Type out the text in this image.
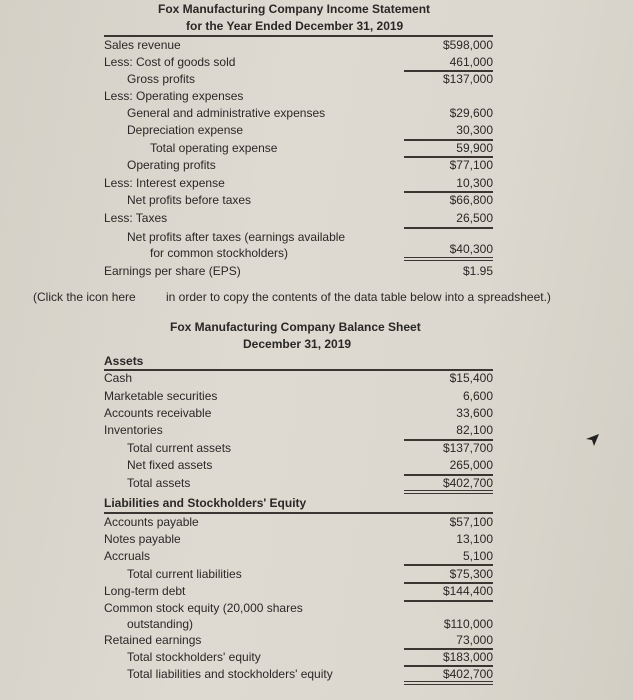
Fox Manufacturing Company Income Statement
for the Year Ended December 31, 2019
Sales revenue	$598,000
Less: Cost of goods sold	461,000
Gross profits	$137,000
Less: Operating expenses
General and administrative expenses	$29,600
Depreciation expense	30,300
Total operating expense	59,900
Operating profits	$77,100
Less: Interest expense	10,300
Net profits before taxes	$66,800
Less: Taxes	26,500
Net profits after taxes (earnings available
for common stockholders)	$40,300
Earnings per share (EPS)	$1.95
(Click the icon here	in order to copy the contents of the data table below into a spreadsheet.)
Fox Manufacturing Company Balance Sheet
December 31, 2019
Assets
Cash	$15,400
Marketable securities	6,600
Accounts receivable	33,600
Inventories	82,100
Total current assets	$137,700
Net fixed assets	265,000
Total assets	$402,700
Liabilities and Stockholders' Equity
Accounts payable	$57,100
Notes payable	13,100
Accruals	5,100
Total current liabilities	$75,300
Long-term debt	$144,400
Common stock equity (20,000 shares
outstanding)	$110,000
Retained earnings	73,000
Total stockholders' equity	$183,000
Total liabilities and stockholders' equity	$402,700
